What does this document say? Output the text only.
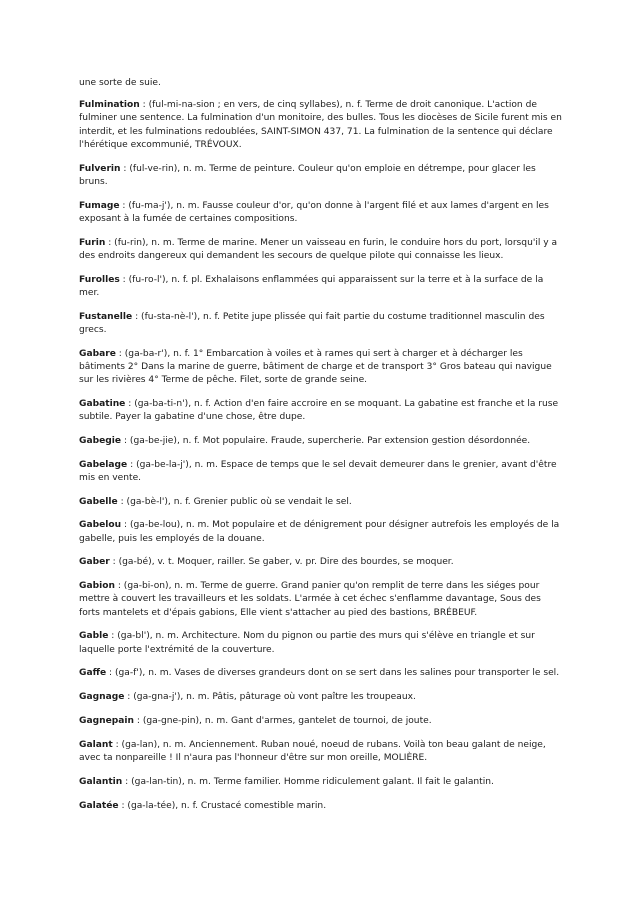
une sorte de suie.

Fulmination : (ful-mi-na-sion ; en vers, de cinq syllabes), n. f. Terme de droit canonique. L'action de fulminer une sentence. La fulmination d'un monitoire, des bulles. Tous les diocèses de Sicile furent mis en interdit, et les fulminations redoublées, SAINT-SIMON 437, 71. La fulmination de la sentence qui déclare l'hérétique excommunié, TRÉVOUX.

Fulverin : (ful-ve-rin), n. m. Terme de peinture. Couleur qu'on emploie en détrempe, pour glacer les bruns.

Fumage : (fu-ma-j'), n. m. Fausse couleur d'or, qu'on donne à l'argent filé et aux lames d'argent en les exposant à la fumée de certaines compositions.

Furin : (fu-rin), n. m. Terme de marine. Mener un vaisseau en furin, le conduire hors du port, lorsqu'il y a des endroits dangereux qui demandent les secours de quelque pilote qui connaisse les lieux.

Furolles : (fu-ro-l'), n. f. pl. Exhalaisons enflammées qui apparaissent sur la terre et à la surface de la mer.

Fustanelle : (fu-sta-nè-l'), n. f. Petite jupe plissée qui fait partie du costume traditionnel masculin des grecs.

Gabare : (ga-ba-r'), n. f. 1° Embarcation à voiles et à rames qui sert à charger et à décharger les bâtiments 2° Dans la marine de guerre, bâtiment de charge et de transport 3° Gros bateau qui navigue sur les rivières 4° Terme de pêche. Filet, sorte de grande seine.

Gabatine : (ga-ba-ti-n'), n. f. Action d'en faire accroire en se moquant. La gabatine est franche et la ruse subtile. Payer la gabatine d'une chose, être dupe.

Gabegie : (ga-be-jie), n. f. Mot populaire. Fraude, supercherie. Par extension gestion désordonnée.

Gabelage : (ga-be-la-j'), n. m. Espace de temps que le sel devait demeurer dans le grenier, avant d'être mis en vente.

Gabelle : (ga-bè-l'), n. f. Grenier public où se vendait le sel.

Gabelou : (ga-be-lou), n. m. Mot populaire et de dénigrement pour désigner autrefois les employés de la gabelle, puis les employés de la douane.

Gaber : (ga-bé), v. t. Moquer, railler. Se gaber, v. pr. Dire des bourdes, se moquer.

Gabion : (ga-bi-on), n. m. Terme de guerre. Grand panier qu'on remplit de terre dans les siéges pour mettre à couvert les travailleurs et les soldats. L'armée à cet échec s'enflamme davantage, Sous des forts mantelets et d'épais gabions, Elle vient s'attacher au pied des bastions, BRÉBEUF.

Gable : (ga-bl'), n. m. Architecture. Nom du pignon ou partie des murs qui s'élève en triangle et sur laquelle porte l'extrémité de la couverture.

Gaffe : (ga-f'), n. m. Vases de diverses grandeurs dont on se sert dans les salines pour transporter le sel.

Gagnage : (ga-gna-j'), n. m. Pâtis, pâturage où vont paître les troupeaux.

Gagnepain : (ga-gne-pin), n. m. Gant d'armes, gantelet de tournoi, de joute.

Galant : (ga-lan), n. m. Anciennement. Ruban noué, noeud de rubans. Voilà ton beau galant de neige, avec ta nonpareille ! Il n'aura pas l'honneur d'être sur mon oreille, MOLIÈRE.

Galantin : (ga-lan-tin), n. m. Terme familier. Homme ridiculement galant. Il fait le galantin.

Galatée : (ga-la-tée), n. f. Crustacé comestible marin.
